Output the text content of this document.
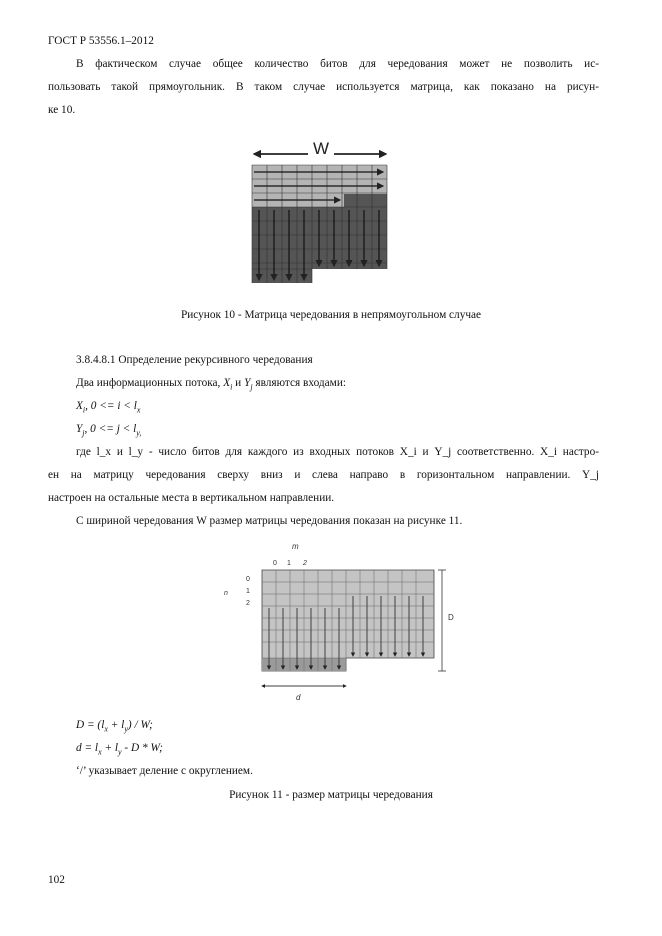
ГОСТ Р 53556.1–2012
В фактическом случае общее количество битов для чередования может не позволить ис-
пользовать такой прямоугольник. В таком случае используется матрица, как показано на рисун-
ке 10.
W
Рисунок 10 - Матрица чередования в непрямоугольном случае
3.8.4.8.1 Определение рекурсивного чередования
Два информационных потока, $X_i$ и $Y_j$ являются входами:
$X_i$, $0 <= i < l_x$
$Y_j$, $0 <= j < l_{y,}$
где l_x и l_y - число битов для каждого из входных потоков X_i и Y_j соответственно. X_i настро-
ен на матрицу чередования сверху вниз и слева направо в горизонтальном направлении. Y_j
настроен на остальные места в вертикальном направлении.
С шириной чередования W размер матрицы чередования показан на рисунке 11.
m
0 1 2
n
0
1
2
D
d
$D = (l_x + l_y) / W$;
$d = l_x + l_y - D * W$;
‘/’ указывает деление с округлением.
Рисунок 11 - размер матрицы чередования
102
